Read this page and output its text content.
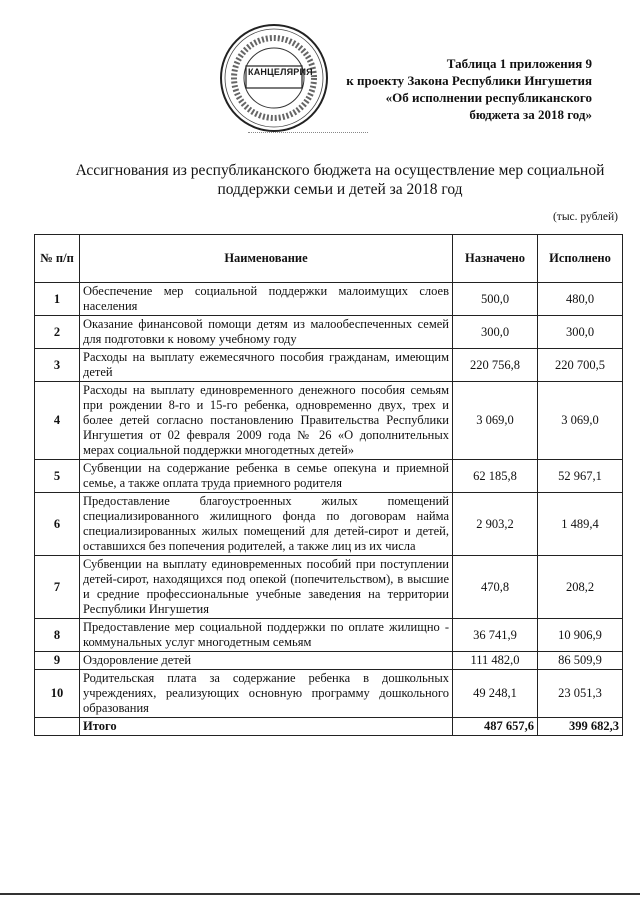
КАНЦЕЛЯРИЯ
Таблица 1 приложения 9
к проекту Закона Республики Ингушетия
«Об исполнении республиканского
бюджета за 2018 год»
Ассигнования из республиканского бюджета на осуществление мер социальной поддержки семьи и детей за 2018 год
(тыс. рублей)
№ п/п	Наименование	Назначено	Исполнено
1	Обеспечение мер социальной поддержки малоимущих слоев населения	500,0	480,0
2	Оказание финансовой помощи детям из малообеспеченных семей для подготовки к новому учебному году	300,0	300,0
3	Расходы на выплату ежемесячного пособия гражданам, имеющим детей	220 756,8	220 700,5
4	Расходы на выплату единовременного денежного пособия семьям при рождении 8-го и 15-го ребенка, одновременно двух, трех и более детей согласно постановлению Правительства Республики Ингушетия от 02 февраля 2009 года № 26 «О дополнительных мерах социальной поддержки многодетных детей»	3 069,0	3 069,0
5	Субвенции на содержание ребенка в семье опекуна и приемной семье, а также оплата труда приемного родителя	62 185,8	52 967,1
6	Предоставление благоустроенных жилых помещений специализированного жилищного фонда по договорам найма специализированных жилых помещений для детей-сирот и детей, оставшихся без попечения родителей, а также лиц из их числа	2 903,2	1 489,4
7	Субвенции на выплату единовременных пособий при поступлении детей-сирот, находящихся под опекой (попечительством), в высшие и средние профессиональные учебные заведения на территории Республики Ингушетия	470,8	208,2
8	Предоставление мер социальной поддержки по оплате жилищно - коммунальных услуг многодетным семьям	36 741,9	10 906,9
9	Оздоровление детей	111 482,0	86 509,9
10	Родительская плата за содержание ребенка в дошкольных учреждениях, реализующих основную программу дошкольного образования	49 248,1	23 051,3
	Итого	487 657,6	399 682,3
